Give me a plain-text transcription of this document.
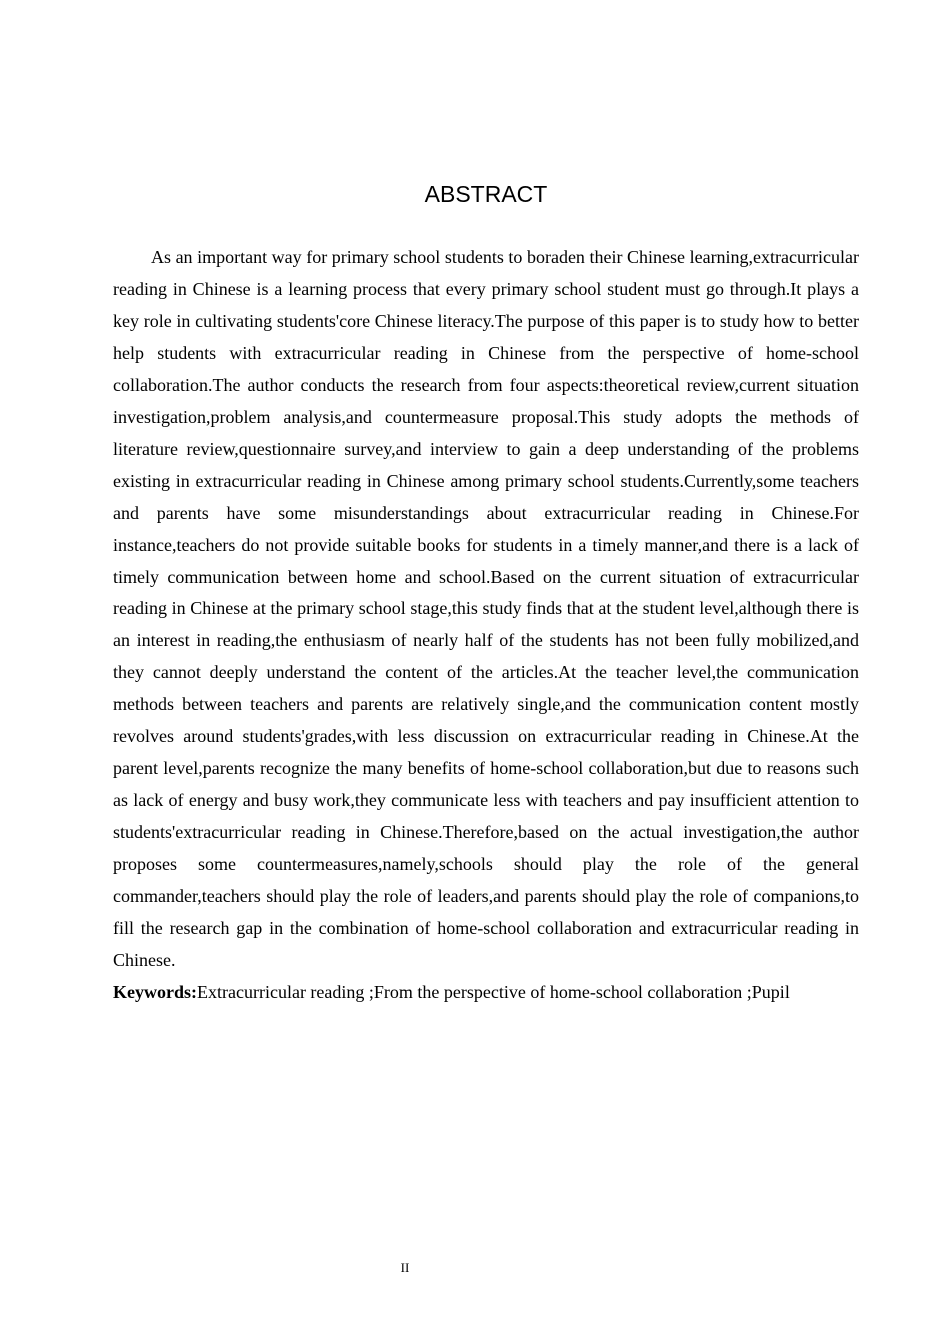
ABSTRACT

As an important way for primary school students to boraden their Chinese learning,extracurricular reading in Chinese is a learning process that every primary school student must go through.It plays a key role in cultivating students'core Chinese literacy.The purpose of this paper is to study how to better help students with extracurricular reading in Chinese from the perspective of home-school collaboration.The author conducts the research from four aspects:theoretical review,current situation investigation,problem analysis,and countermeasure proposal.This study adopts the methods of literature review,questionnaire survey,and interview to gain a deep understanding of the problems existing in extracurricular reading in Chinese among primary school students.Currently,some teachers and parents have some misunderstandings about extracurricular reading in Chinese.For instance,teachers do not provide suitable books for students in a timely manner,and there is a lack of timely communication between home and school.Based on the current situation of extracurricular reading in Chinese at the primary school stage,this study finds that at the student level,although there is an interest in reading,the enthusiasm of nearly half of the students has not been fully mobilized,and they cannot deeply understand the content of the articles.At the teacher level,the communication methods between teachers and parents are relatively single,and the communication content mostly revolves around students'grades,with less discussion on extracurricular reading in Chinese.At the parent level,parents recognize the many benefits of home-school collaboration,but due to reasons such as lack of energy and busy work,they communicate less with teachers and pay insufficient attention to students'extracurricular reading in Chinese.Therefore,based on the actual investigation,the author proposes some countermeasures,namely,schools should play the role of the general commander,teachers should play the role of leaders,and parents should play the role of companions,to fill the research gap in the combination of home-school collaboration and extracurricular reading in Chinese.

Keywords:Extracurricular reading ;From the perspective of home-school collaboration ;Pupil

II
